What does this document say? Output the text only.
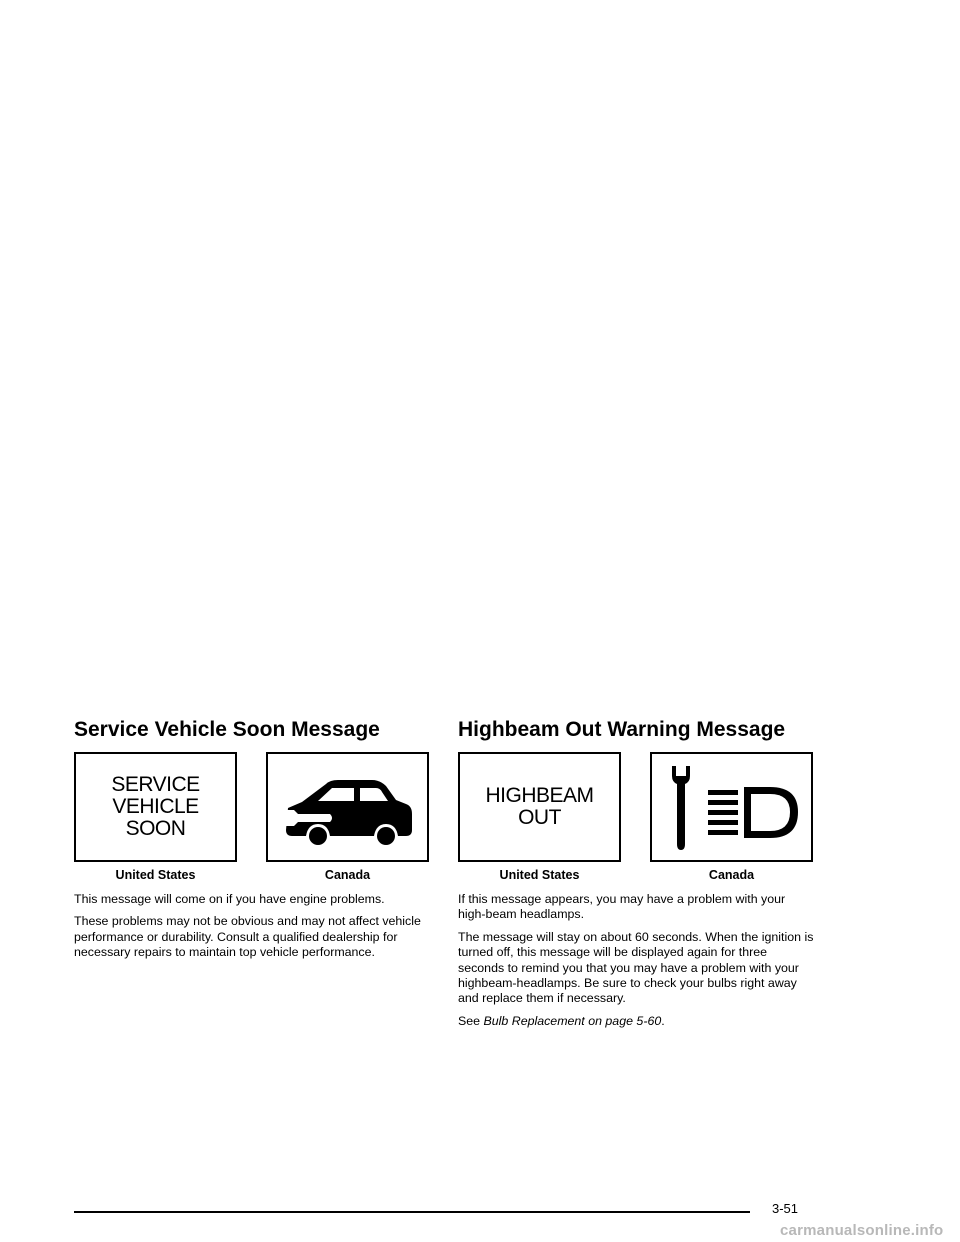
Service Vehicle Soon Message
SERVICE
VEHICLE
SOON
United States	Canada

This message will come on if you have engine problems.

These problems may not be obvious and may not affect vehicle performance or durability. Consult a qualified dealership for necessary repairs to maintain top vehicle performance.

Highbeam Out Warning Message
HIGHBEAM
OUT
United States	Canada

If this message appears, you may have a problem with your high-beam headlamps.

The message will stay on about 60 seconds. When the ignition is turned off, this message will be displayed again for three seconds to remind you that you may have a problem with your highbeam-headlamps. Be sure to check your bulbs right away and replace them if necessary.

See Bulb Replacement on page 5-60.

3-51
carmanualsonline.info
